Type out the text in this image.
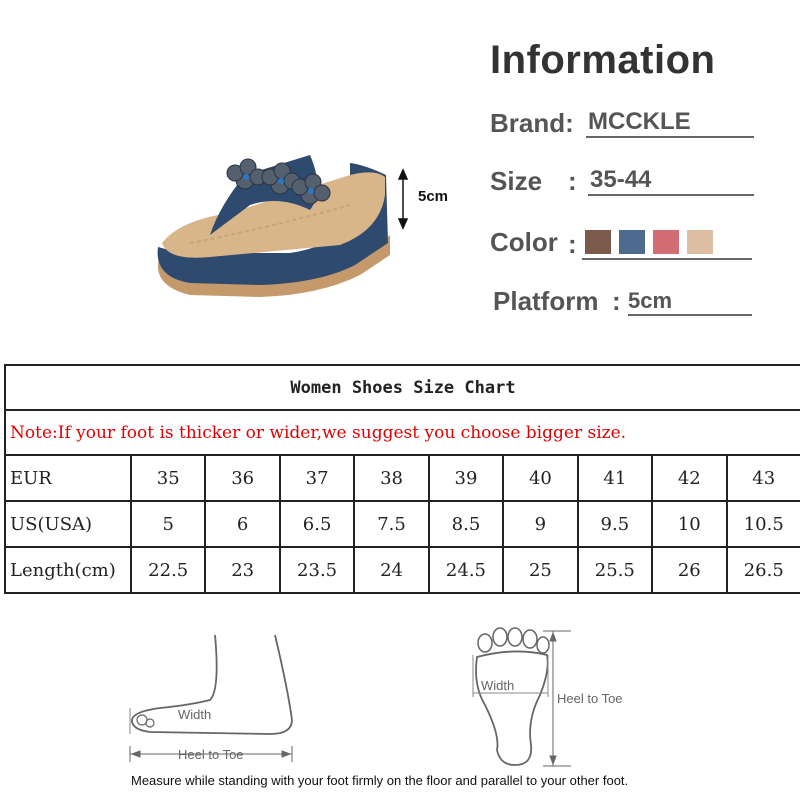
5cm
Information
Brand: MCCKLE
Size : 35-44
Color :
Platform : 5cm
Women Shoes Size Chart									
Note:If your foot is thicker or wider,we suggest you choose bigger size.									
EUR	35	36	37	38	39	40	41	42	43
US(USA)	5	6	6.5	7.5	8.5	9	9.5	10	10.5
Length(cm)	22.5	23	23.5	24	24.5	25	25.5	26	26.5
Width
Heel to Toe
Width
Heel to Toe
Measure while standing with your foot firmly on the floor and parallel to your other foot.
